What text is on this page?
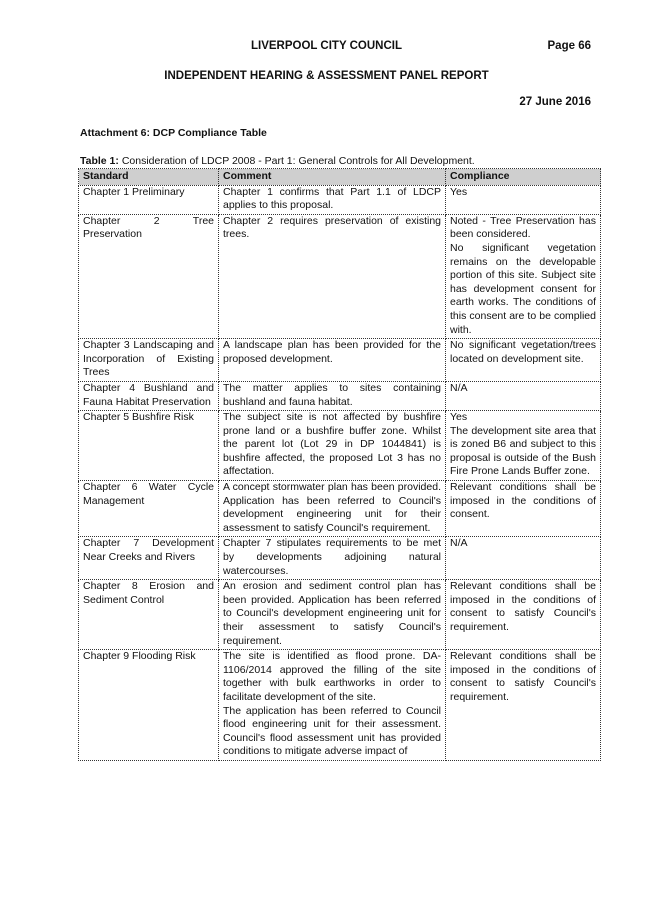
LIVERPOOL CITY COUNCIL	Page 66
INDEPENDENT HEARING & ASSESSMENT PANEL REPORT
27 June 2016
Attachment 6: DCP Compliance Table
Table 1: Consideration of LDCP 2008 - Part 1: General Controls for All Development.
Standard	Comment	Compliance
Chapter 1 Preliminary	Chapter 1 confirms that Part 1.1 of LDCP applies to this proposal.	Yes

Chapter 2 Tree Preservation	Chapter 2 requires preservation of existing trees.	Noted - Tree Preservation has been considered.
No significant vegetation remains on the developable portion of this site. Subject site has development consent for earth works. The conditions of this consent are to be complied with.

Chapter 3 Landscaping and Incorporation of Existing Trees	A landscape plan has been provided for the proposed development.	No significant vegetation/trees located on development site.

Chapter 4 Bushland and Fauna Habitat Preservation	The matter applies to sites containing bushland and fauna habitat.	N/A

Chapter 5 Bushfire Risk	The subject site is not affected by bushfire prone land or a bushfire buffer zone. Whilst the parent lot (Lot 29 in DP 1044841) is bushfire affected, the proposed Lot 3 has no affectation.	Yes
The development site area that is zoned B6 and subject to this proposal is outside of the Bush Fire Prone Lands Buffer zone.

Chapter 6 Water Cycle Management	A concept stormwater plan has been provided. Application has been referred to Council's development engineering unit for their assessment to satisfy Council's requirement.	Relevant conditions shall be imposed in the conditions of consent.

Chapter 7 Development Near Creeks and Rivers	Chapter 7 stipulates requirements to be met by developments adjoining natural watercourses.	N/A

Chapter 8 Erosion and Sediment Control	An erosion and sediment control plan has been provided. Application has been referred to Council's development engineering unit for their assessment to satisfy Council's requirement.	Relevant conditions shall be imposed in the conditions of consent to satisfy Council's requirement.

Chapter 9 Flooding Risk	The site is identified as flood prone. DA-1106/2014 approved the filling of the site together with bulk earthworks in order to facilitate development of the site.
The application has been referred to Council flood engineering unit for their assessment. Council's flood assessment unit has provided conditions to mitigate adverse impact of	Relevant conditions shall be imposed in the conditions of consent to satisfy Council's requirement.
